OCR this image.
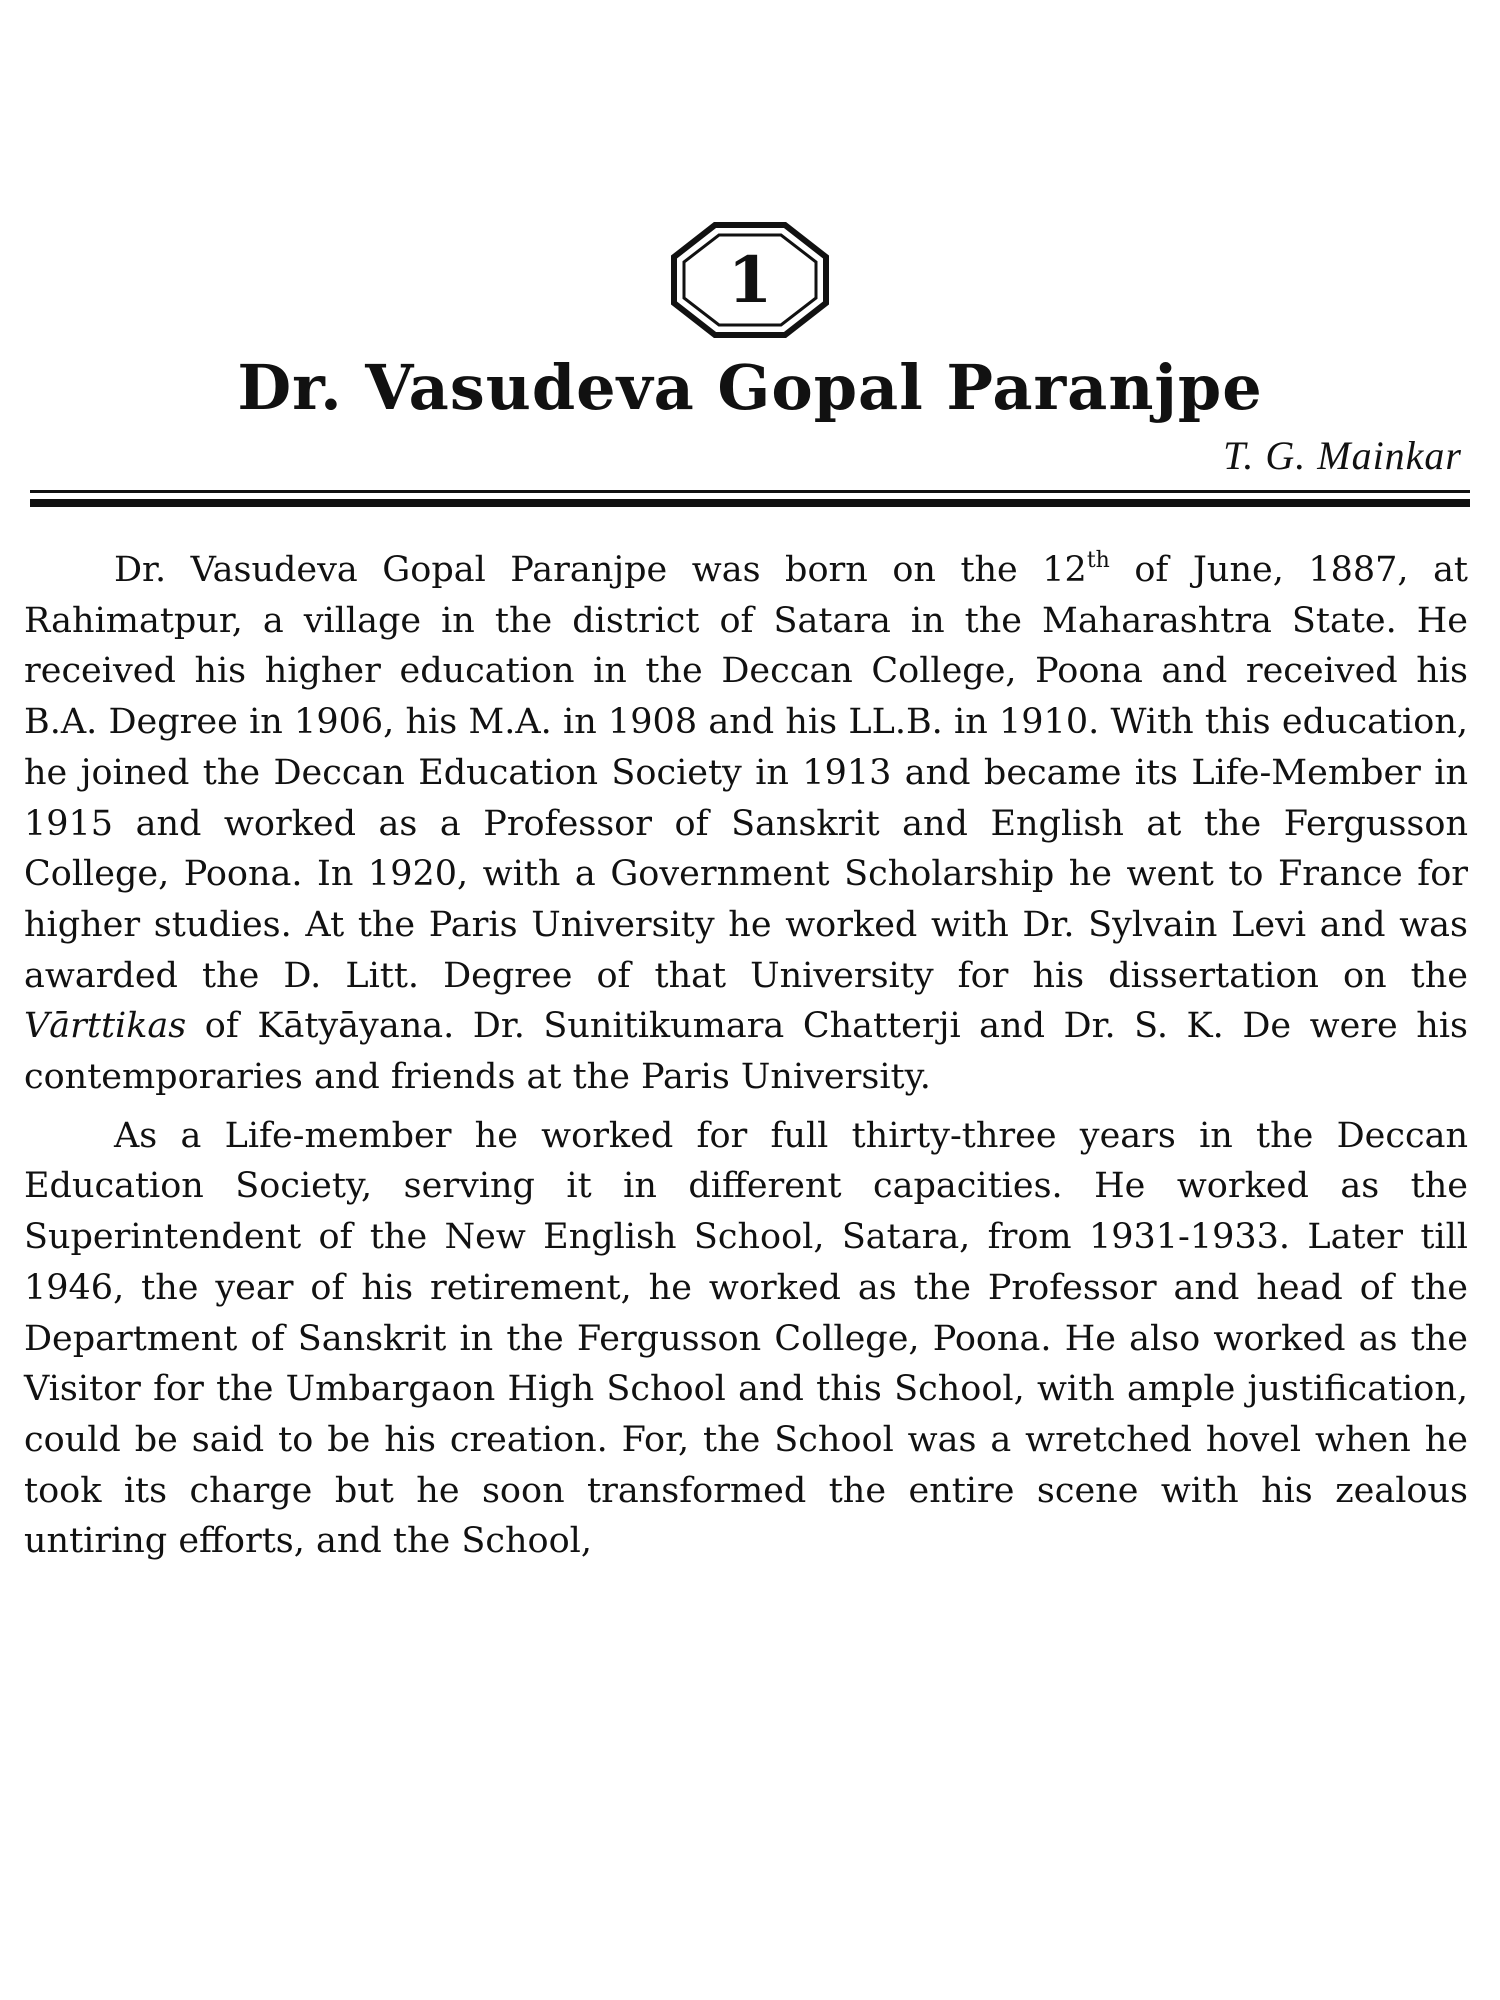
1
Dr. Vasudeva Gopal Paranjpe
T. G. Mainkar

Dr. Vasudeva Gopal Paranjpe was born on the 12th of June, 1887, at Rahimatpur, a village in the district of Satara in the Maharashtra State. He received his higher education in the Deccan College, Poona and received his B.A. Degree in 1906, his M.A. in 1908 and his LL.B. in 1910. With this education, he joined the Deccan Education Society in 1913 and became its Life-Member in 1915 and worked as a Professor of Sanskrit and English at the Fergusson College, Poona. In 1920, with a Government Scholarship he went to France for higher studies. At the Paris University he worked with Dr. Sylvain Levi and was awarded the D. Litt. Degree of that University for his dissertation on the Vārttikas of Kātyāyana. Dr. Sunitikumara Chatterji and Dr. S. K. De were his contemporaries and friends at the Paris University.

As a Life-member he worked for full thirty-three years in the Deccan Education Society, serving it in different capacities. He worked as the Superintendent of the New English School, Satara, from 1931-1933. Later till 1946, the year of his retirement, he worked as the Professor and head of the Department of Sanskrit in the Fergusson College, Poona. He also worked as the Visitor for the Umbargaon High School and this School, with ample justification, could be said to be his creation. For, the School was a wretched hovel when he took its charge but he soon transformed the entire scene with his zealous untiring efforts, and the School,
